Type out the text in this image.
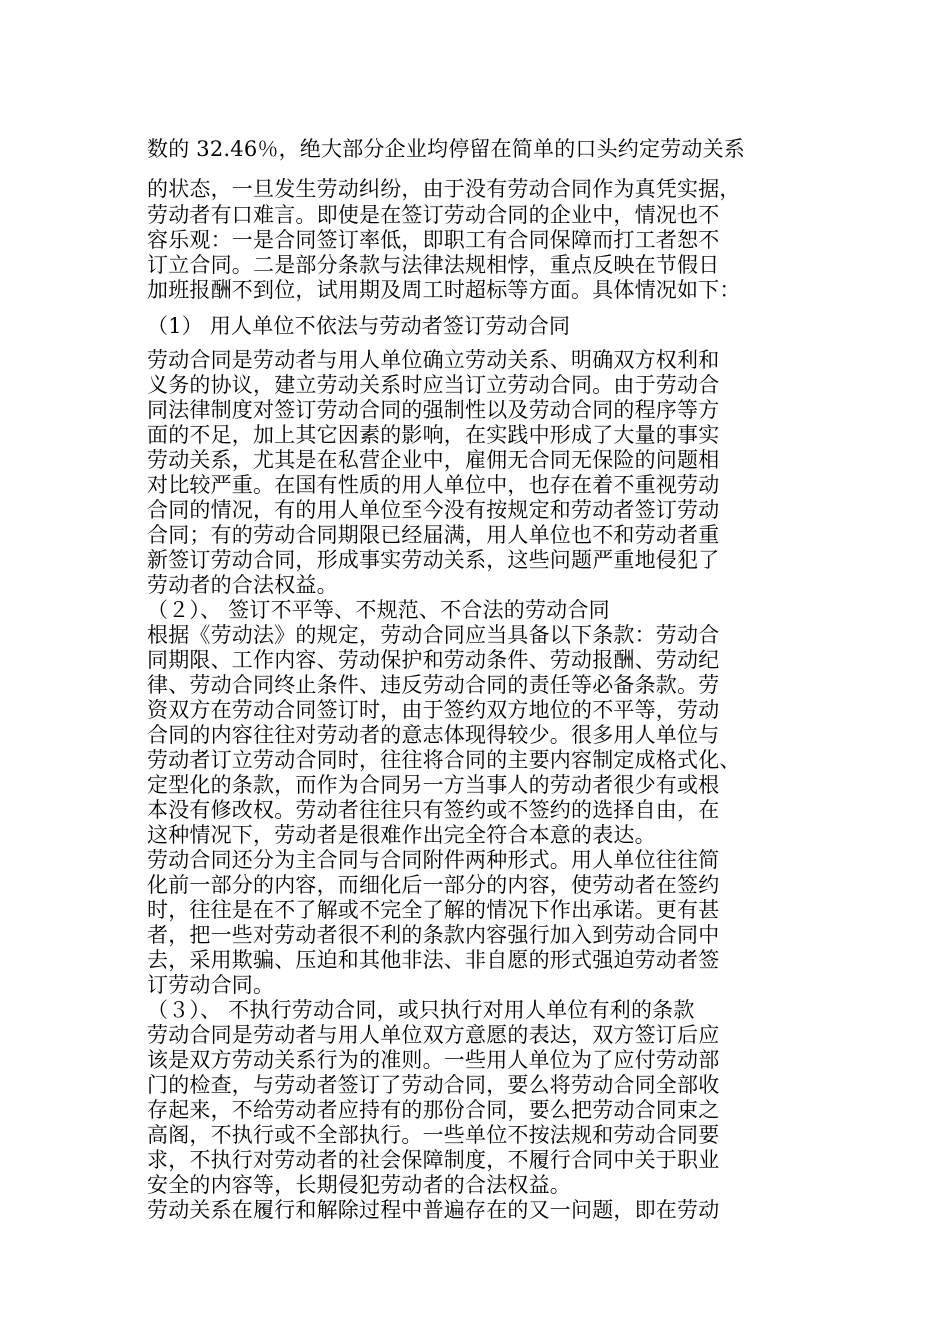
数的 32.46％，绝大部分企业均停留在简单的口头约定劳动关系
的状态，一旦发生劳动纠纷，由于没有劳动合同作为真凭实据，
劳动者有口难言。即使是在签订劳动合同的企业中，情况也不
容乐观：一是合同签订率低，即职工有合同保障而打工者恕不
订立合同。二是部分条款与法律法规相悖，重点反映在节假日
加班报酬不到位，试用期及周工时超标等方面。具体情况如下：
（1） 用人单位不依法与劳动者签订劳动合同
劳动合同是劳动者与用人单位确立劳动关系、明确双方权利和
义务的协议，建立劳动关系时应当订立劳动合同。由于劳动合
同法律制度对签订劳动合同的强制性以及劳动合同的程序等方
面的不足，加上其它因素的影响，在实践中形成了大量的事实
劳动关系，尤其是在私营企业中，雇佣无合同无保险的问题相
对比较严重。在国有性质的用人单位中，也存在着不重视劳动
合同的情况，有的用人单位至今没有按规定和劳动者签订劳动
合同；有的劳动合同期限已经届满，用人单位也不和劳动者重
新签订劳动合同，形成事实劳动关系，这些问题严重地侵犯了
劳动者的合法权益。
（２）、 签订不平等、不规范、不合法的劳动合同
根据《劳动法》的规定，劳动合同应当具备以下条款：劳动合
同期限、工作内容、劳动保护和劳动条件、劳动报酬、劳动纪
律、劳动合同终止条件、违反劳动合同的责任等必备条款。劳
资双方在劳动合同签订时，由于签约双方地位的不平等，劳动
合同的内容往往对劳动者的意志体现得较少。很多用人单位与
劳动者订立劳动合同时，往往将合同的主要内容制定成格式化、
定型化的条款，而作为合同另一方当事人的劳动者很少有或根
本没有修改权。劳动者往往只有签约或不签约的选择自由，在
这种情况下，劳动者是很难作出完全符合本意的表达。
劳动合同还分为主合同与合同附件两种形式。用人单位往往简
化前一部分的内容，而细化后一部分的内容，使劳动者在签约
时，往往是在不了解或不完全了解的情况下作出承诺。更有甚
者，把一些对劳动者很不利的条款内容强行加入到劳动合同中
去，采用欺骗、压迫和其他非法、非自愿的形式强迫劳动者签
订劳动合同。
（３）、 不执行劳动合同，或只执行对用人单位有利的条款
劳动合同是劳动者与用人单位双方意愿的表达，双方签订后应
该是双方劳动关系行为的准则。一些用人单位为了应付劳动部
门的检查，与劳动者签订了劳动合同，要么将劳动合同全部收
存起来，不给劳动者应持有的那份合同，要么把劳动合同束之
高阁，不执行或不全部执行。一些单位不按法规和劳动合同要
求，不执行对劳动者的社会保障制度，不履行合同中关于职业
安全的内容等，长期侵犯劳动者的合法权益。
劳动关系在履行和解除过程中普遍存在的又一问题，即在劳动
